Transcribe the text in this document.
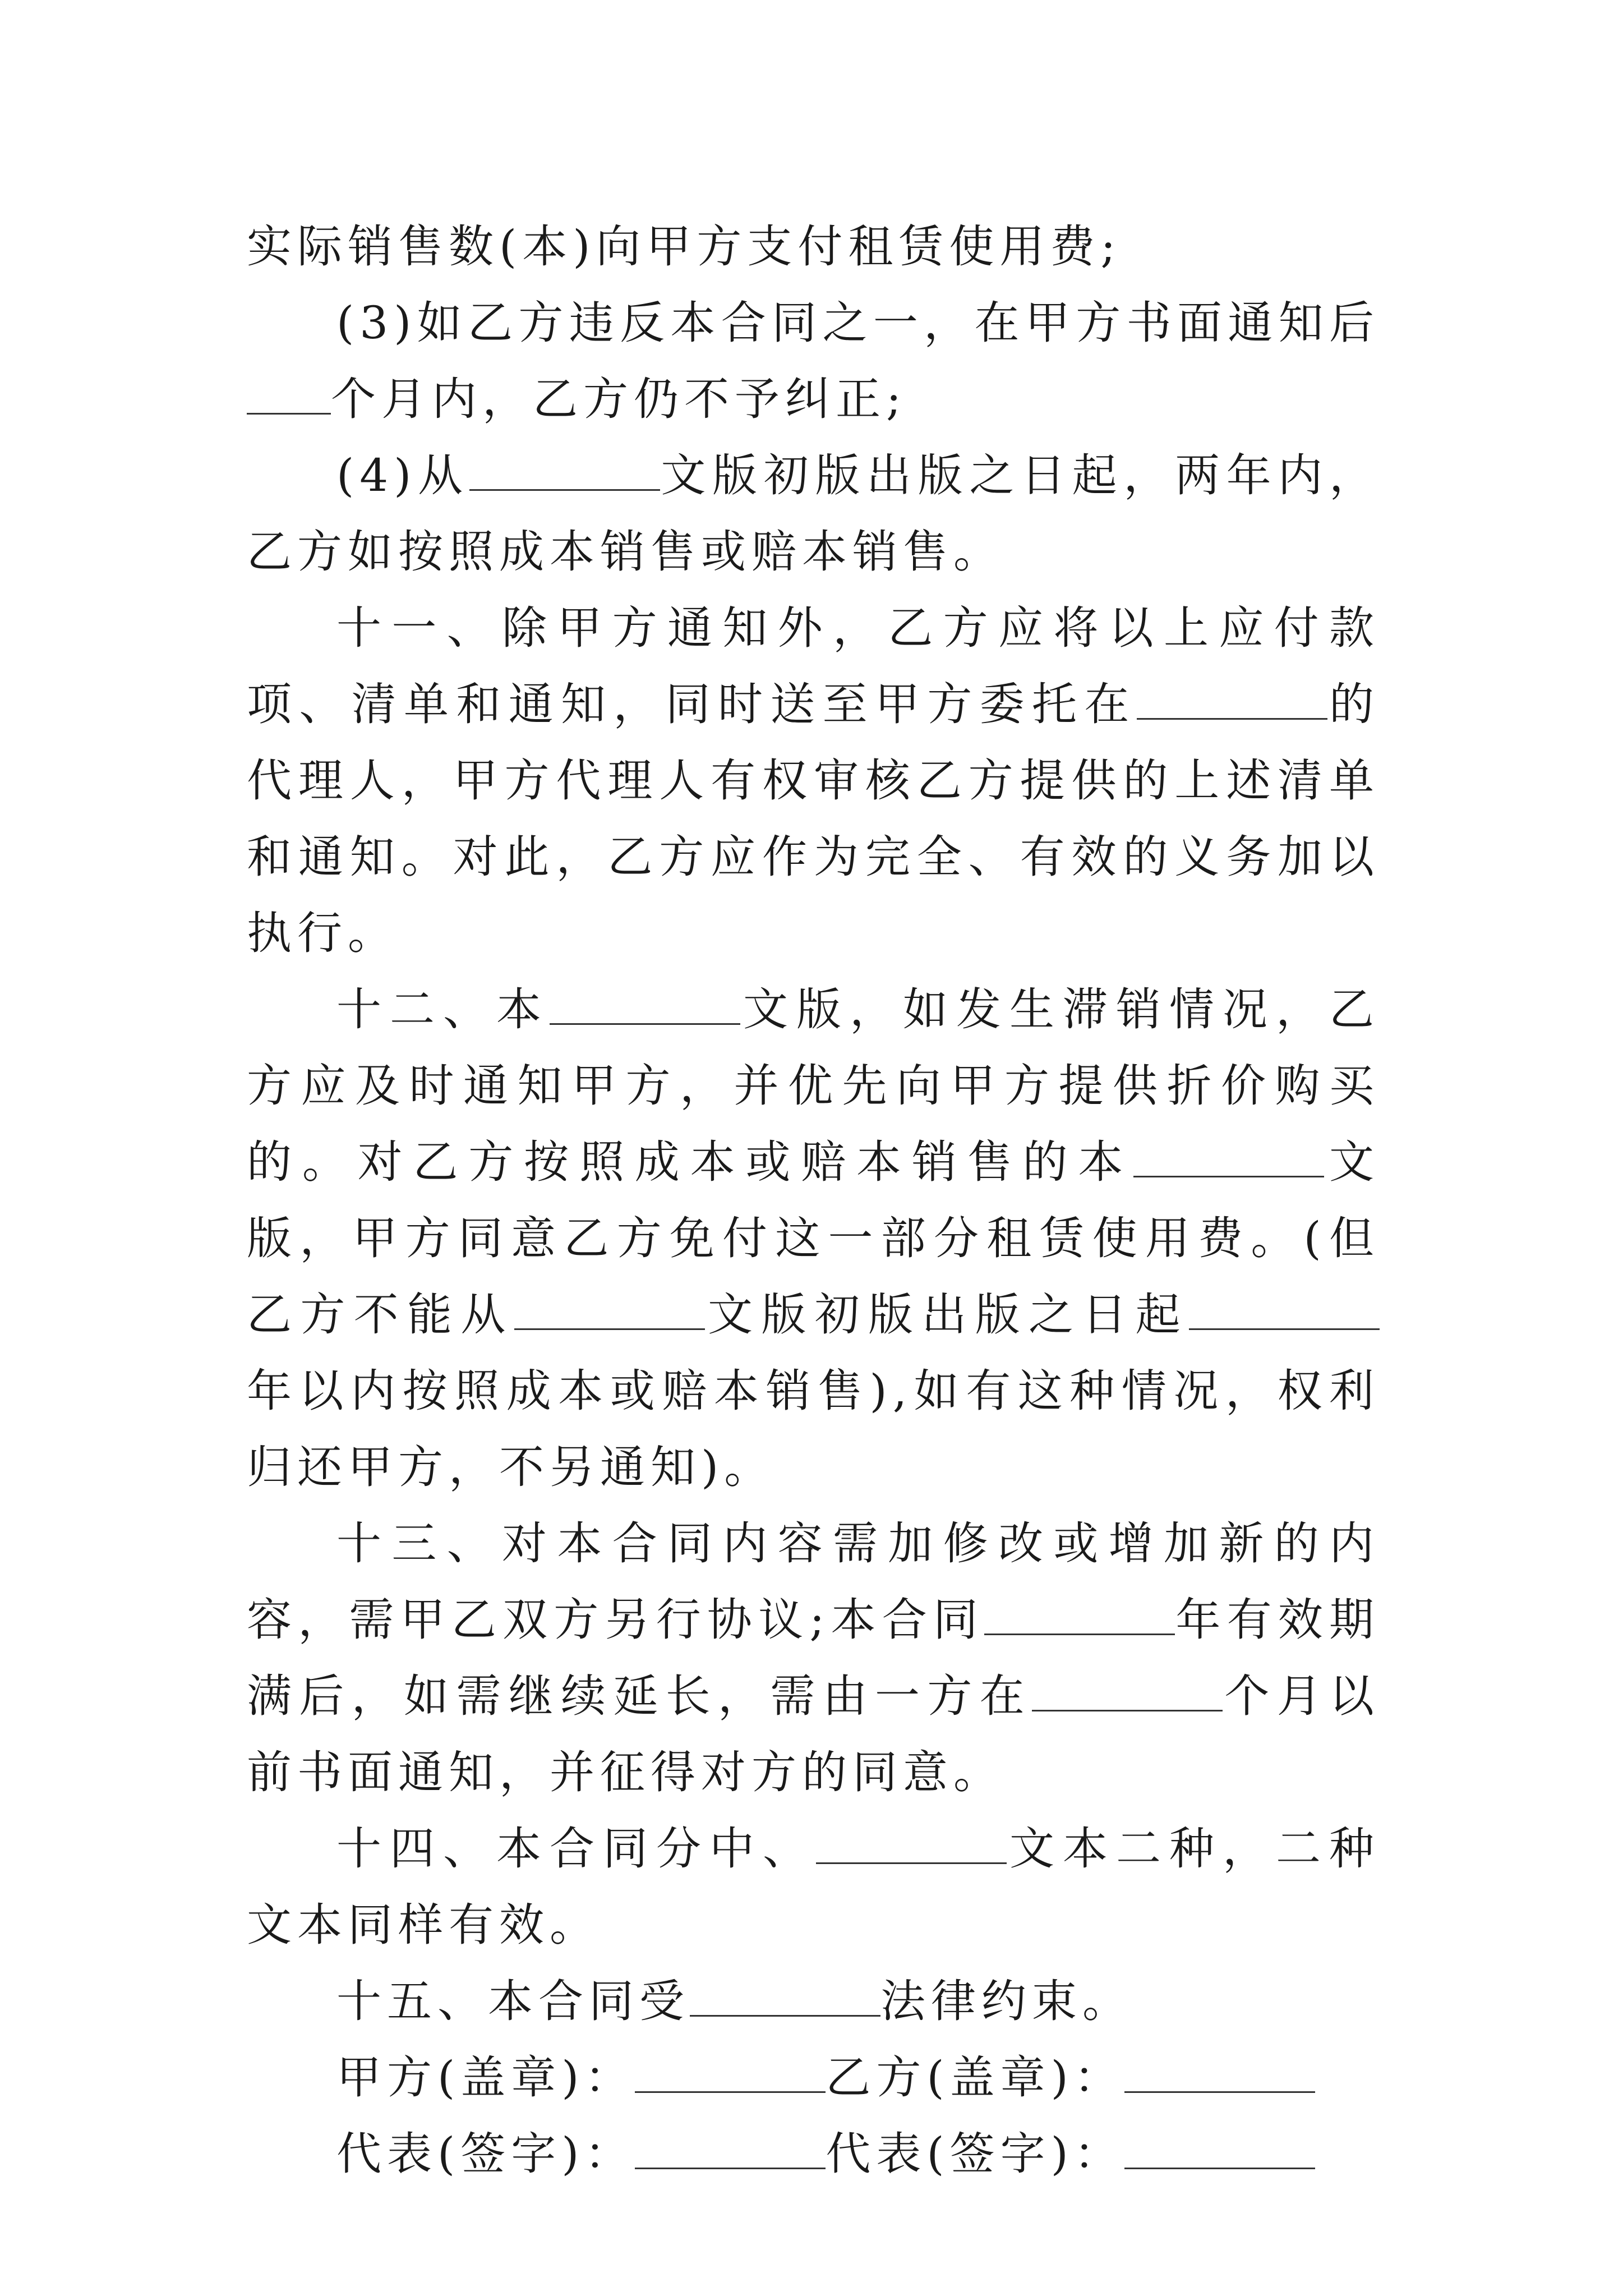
实际销售数(本)向甲方支付租赁使用费;

(3)如乙方违反本合同之一，在甲方书面通知后个月内，乙方仍不予纠正;

(4)从	文版初版出版之日起，两年内，乙方如按照成本销售或赔本销售。

十一、除甲方通知外，乙方应将以上应付款项、清单和通知，同时送至甲方委托在	的代理人，甲方代理人有权审核乙方提供的上述清单和通知。对此，乙方应作为完全、有效的义务加以执行。

十二、本	文版，如发生滞销情况，乙方应及时通知甲方，并优先向甲方提供折价购买的。对乙方按照成本或赔本销售的本	文版，甲方同意乙方免付这一部分租赁使用费。(但乙方不能从	文版初版出版之日起年以内按照成本或赔本销售),如有这种情况，权利归还甲方，不另通知)。

十三、对本合同内容需加修改或增加新的内容，需甲乙双方另行协议;本合同	年有效期满后，如需继续延长，需由一方在	个月以前书面通知，并征得对方的同意。

十四、本合同分中、	文本二种，二种文本同样有效。

十五、本合同受	法律约束。

甲方(盖章)：	乙方(盖章)：

代表(签字)：	代表(签字)：
